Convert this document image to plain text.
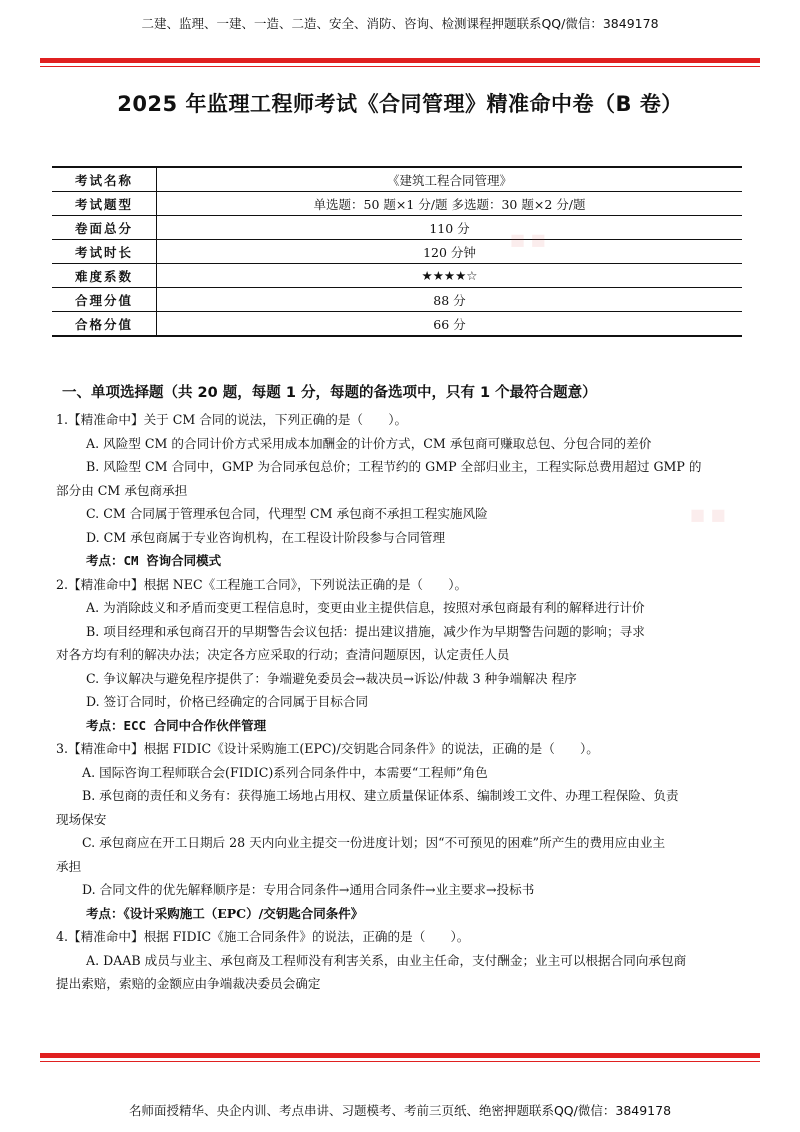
二建、监理、一建、一造、二造、安全、消防、咨询、检测课程押题联系QQ/微信：3849178
2025 年监理工程师考试《合同管理》精准命中卷（B 卷）
考试名称	《建筑工程合同管理》
考试题型	单选题：50 题×1 分/题 多选题：30 题×2 分/题
卷面总分	110 分
考试时长	120 分钟
难度系数	★★★★☆
合理分值	88 分
合格分值	66 分
一、单项选择题（共 20 题，每题 1 分，每题的备选项中，只有 1 个最符合题意）
1.【精准命中】关于 CM 合同的说法，下列正确的是（　　）。
A. 风险型 CM 的合同计价方式采用成本加酬金的计价方式，CM 承包商可赚取总包、分包合同的差价
B. 风险型 CM 合同中，GMP 为合同承包总价；工程节约的 GMP 全部归业主，工程实际总费用超过 GMP 的
部分由 CM 承包商承担
C. CM 合同属于管理承包合同，代理型 CM 承包商不承担工程实施风险
D. CM 承包商属于专业咨询机构，在工程设计阶段参与合同管理
考点：CM 咨询合同模式
2.【精准命中】根据 NEC《工程施工合同》，下列说法正确的是（　　）。
A. 为消除歧义和矛盾而变更工程信息时，变更由业主提供信息，按照对承包商最有利的解释进行计价
B. 项目经理和承包商召开的早期警告会议包括：提出建议措施，减少作为早期警告问题的影响；寻求
对各方均有利的解决办法；决定各方应采取的行动；查清问题原因，认定责任人员
C. 争议解决与避免程序提供了：争端避免委员会→裁决员→诉讼/仲裁 3 种争端解决 程序
D. 签订合同时，价格已经确定的合同属于目标合同
考点：ECC 合同中合作伙伴管理
3.【精准命中】根据 FIDIC《设计采购施工(EPC)/交钥匙合同条件》的说法，正确的是（　　）。
A. 国际咨询工程师联合会(FIDIC)系列合同条件中，本需要“工程师”角色
B. 承包商的责任和义务有：获得施工场地占用权、建立质量保证体系、编制竣工文件、办理工程保险、负责
现场保安
C. 承包商应在开工日期后 28 天内向业主提交一份进度计划；因“不可预见的困难”所产生的费用应由业主
承担
D. 合同文件的优先解释顺序是：专用合同条件→通用合同条件→业主要求→投标书
考点：《设计采购施工（EPC）/交钥匙合同条件》
4.【精准命中】根据 FIDIC《施工合同条件》的说法，正确的是（　　）。
A. DAAB 成员与业主、承包商及工程师没有利害关系，由业主任命，支付酬金；业主可以根据合同向承包商
提出索赔，索赔的金额应由争端裁决委员会确定
■ ■
■ ■
名师面授精华、央企内训、考点串讲、习题模考、考前三页纸、绝密押题联系QQ/微信：3849178
